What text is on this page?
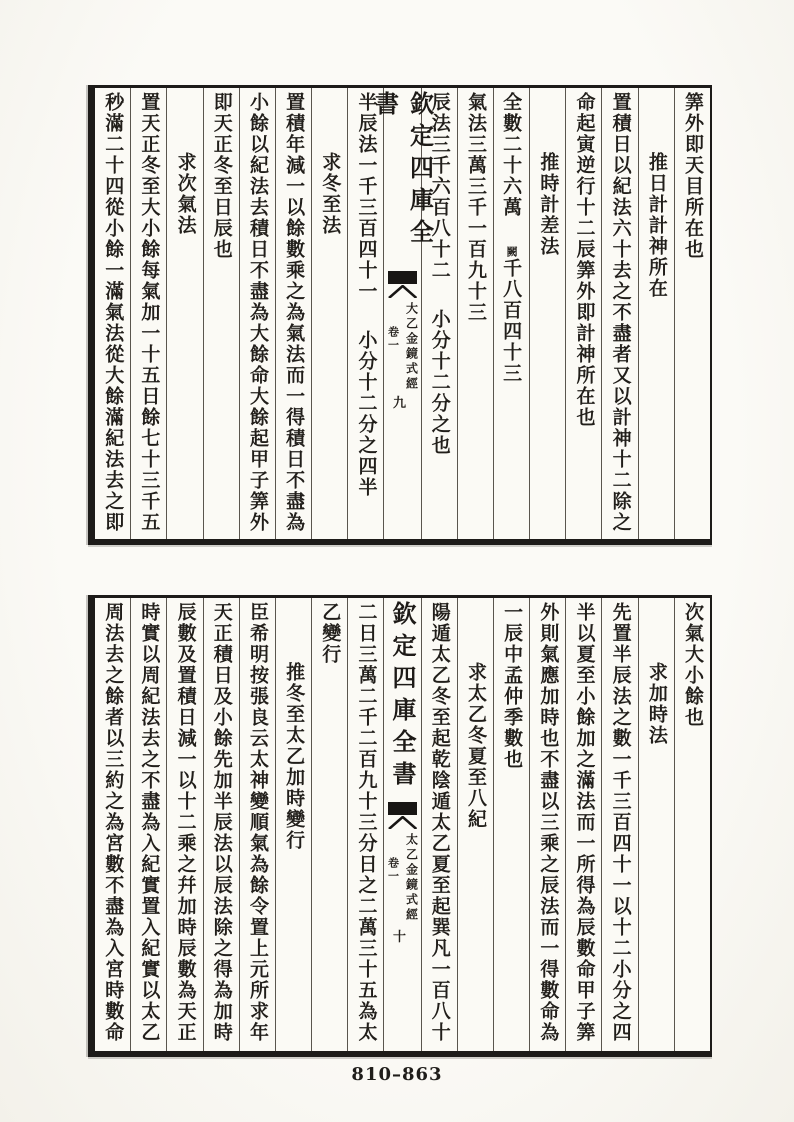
筭外即天目所在也
推日計計神所在
置積日以紀法六十去之不盡者又以計神十二除之
命起寅逆行十二辰筭外即計神所在也
推時計差法
全數二十六萬闕千八百四十三
氣法三萬三千一百九十三
辰法三千六百八十二小分十二分之也
欽定四庫全書
卷一 大乙金鏡式經
九
半辰法一千三百四十一小分十二分之四半
求冬至法
置積年減一以餘數乘之為氣法而一得積日不盡為
小餘以紀法去積日不盡為大餘命大餘起甲子筭外
即天正冬至日辰也
求次氣法
置天正冬至大小餘每氣加一十五日餘七十三千五
秒滿二十四從小餘一滿氣法從大餘滿紀法去之即
次氣大小餘也
求加時法
先置半辰法之數一千三百四十一以十二小分之四
半以夏至小餘加之滿法而一所得為辰數命甲子筭
外則氣應加時也不盡以三乘之辰法而一得數命為
一辰中孟仲季數也
求太乙冬夏至八紀
陽遁太乙冬至起乾陰遁太乙夏至起巽凡一百八十
欽定四庫全書
卷一 太乙金鏡式經
十
二日三萬二千二百九十三分日之二萬三十五為太
乙變行
推冬至太乙加時變行
臣希明按張良云太神變順氣為餘令置上元所求年
天正積日及小餘先加半辰法以辰法除之得為加時
辰數及置積日減一以十二乘之幷加時辰數為天正
時實以周紀法去之不盡為入紀實置入紀實以太乙
周法去之餘者以三約之為宮數不盡為入宮時數命
810–863
